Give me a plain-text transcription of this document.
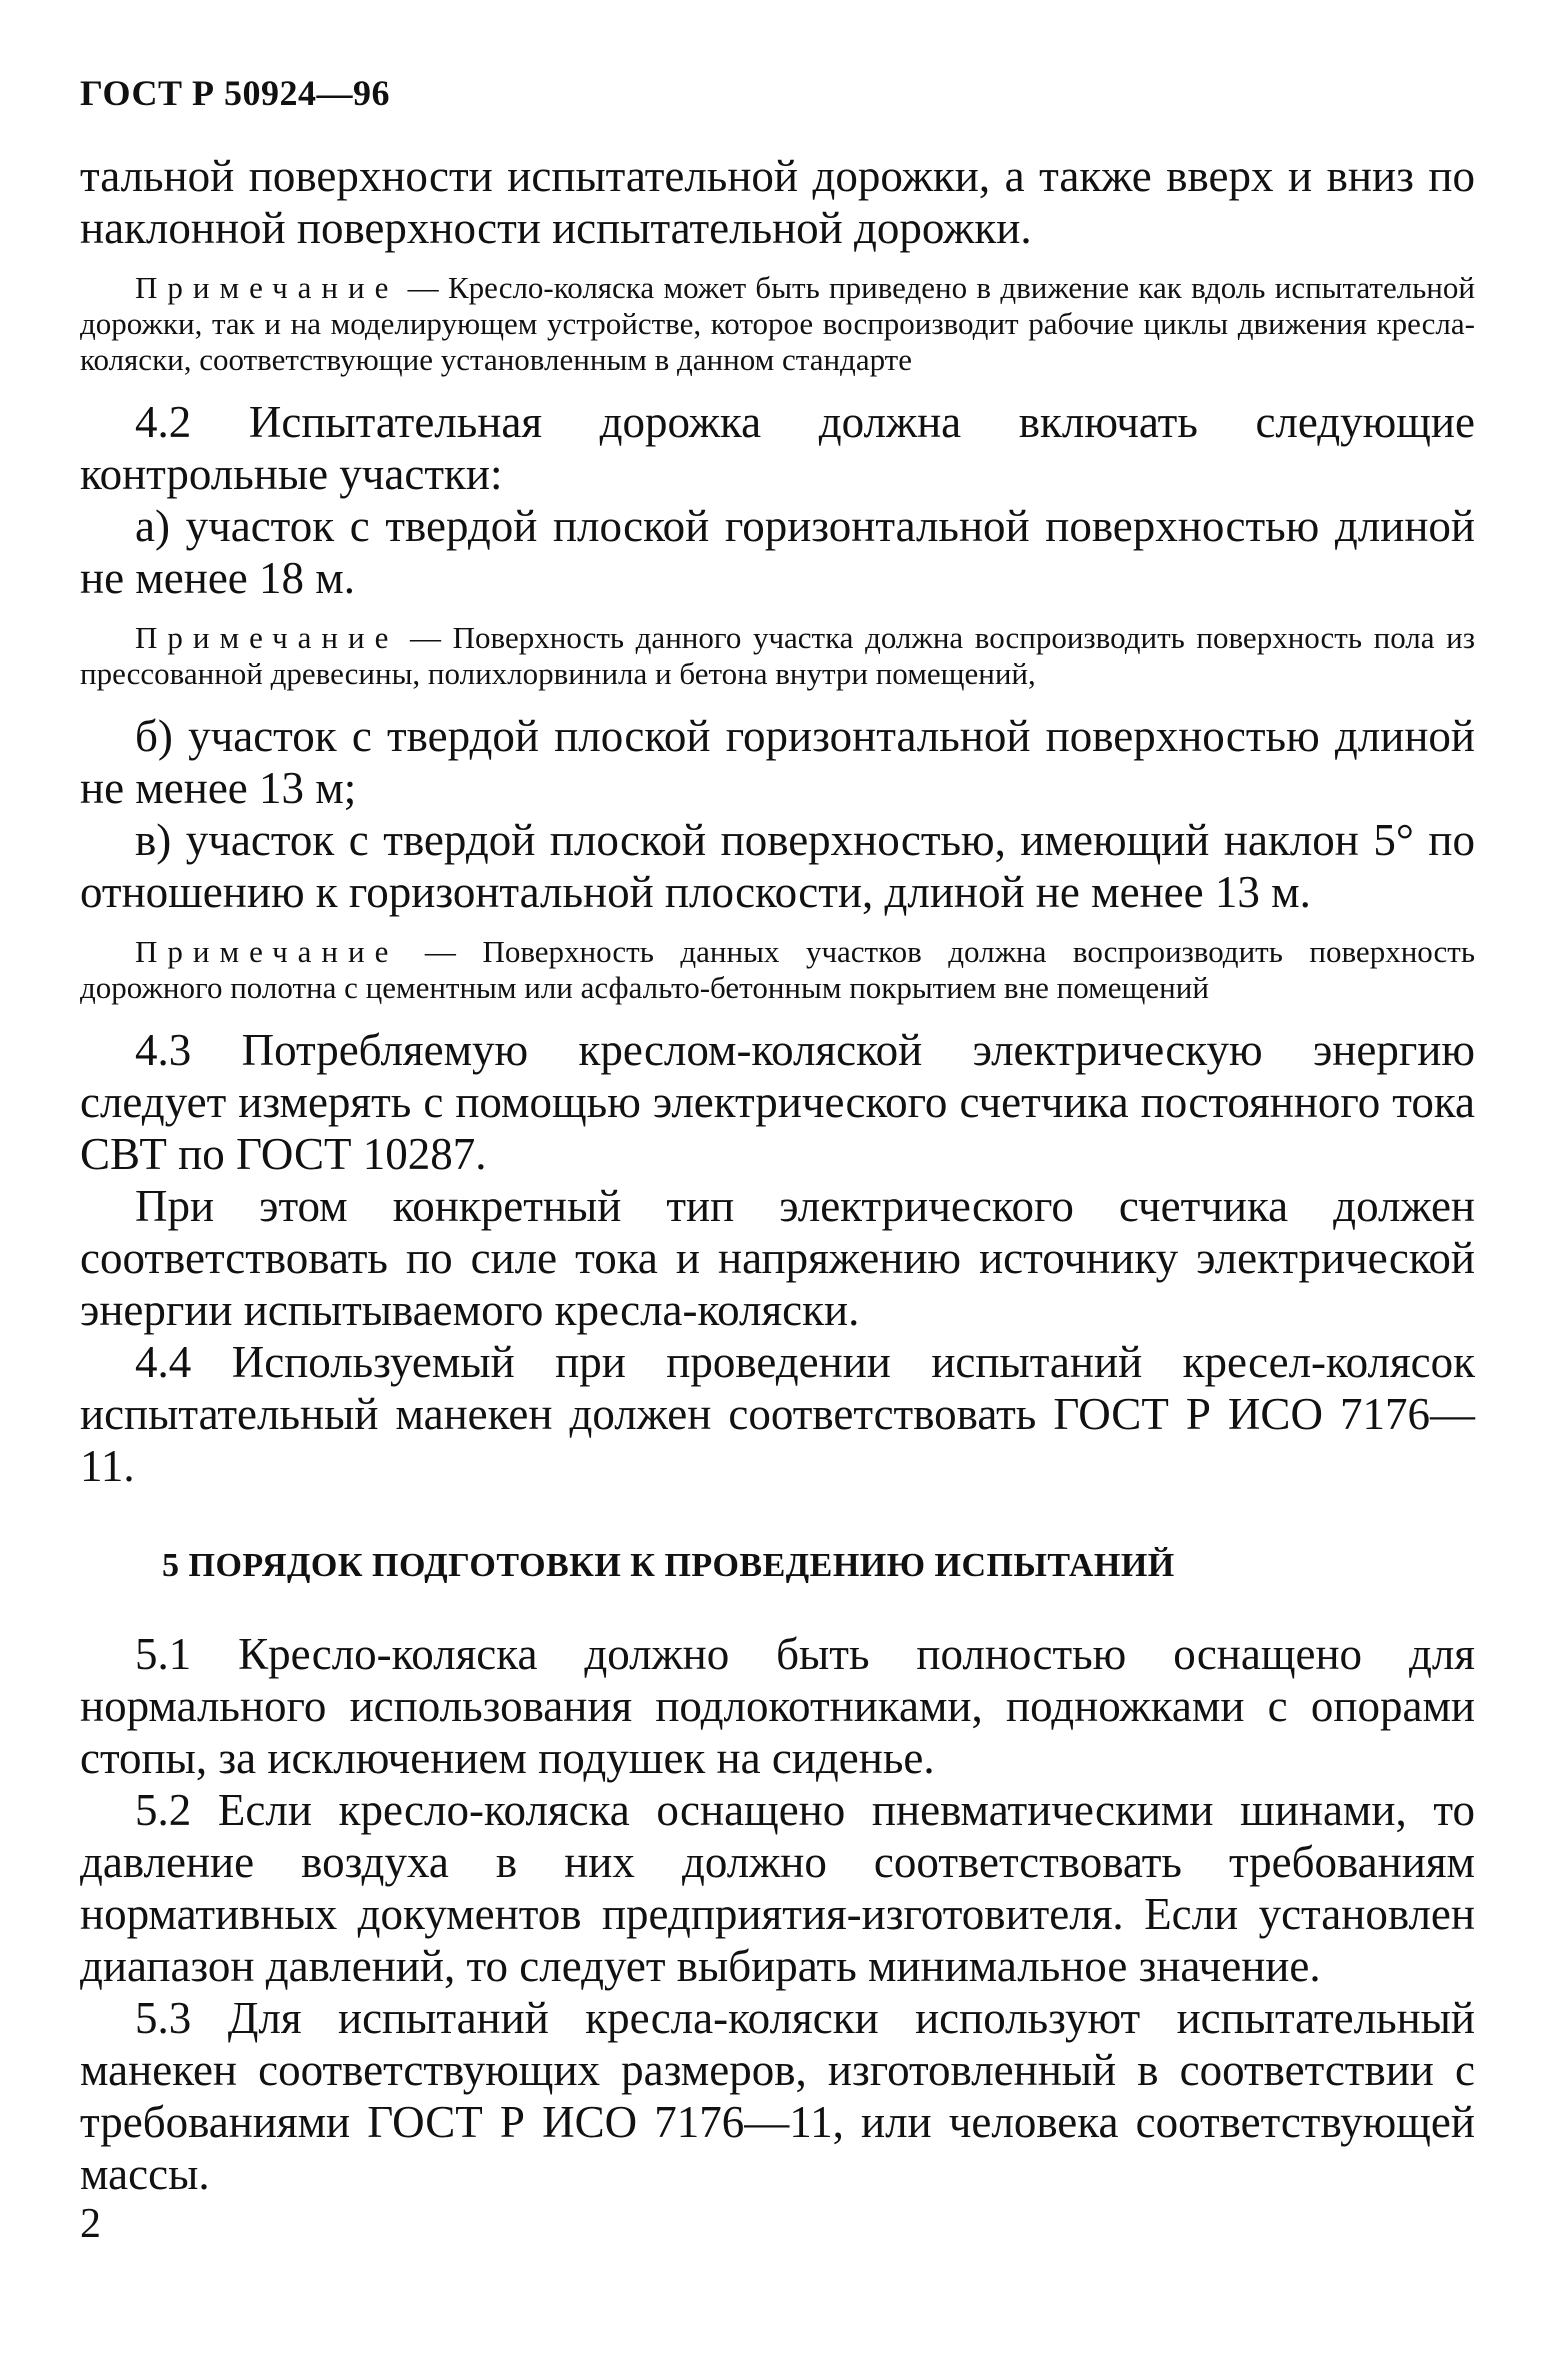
ГОСТ Р 50924—96

тальной поверхности испытательной дорожки, а также вверх и вниз по наклонной поверхности испытательной дорожки.

Примечание — Кресло-коляска может быть приведено в движение как вдоль испытательной дорожки, так и на моделирующем устройстве, которое воспроизводит рабочие циклы движения кресла-коляски, соответствующие установленным в данном стандарте

4.2 Испытательная дорожка должна включать следующие контрольные участки:

а) участок с твердой плоской горизонтальной поверхностью длиной не менее 18 м.

Примечание — Поверхность данного участка должна воспроизводить поверхность пола из прессованной древесины, полихлорвинила и бетона внутри помещений,

б) участок с твердой плоской горизонтальной поверхностью длиной не менее 13 м;

в) участок с твердой плоской поверхностью, имеющий наклон 5° по отношению к горизонтальной плоскости, длиной не менее 13 м.

Примечание — Поверхность данных участков должна воспроизводить поверхность дорожного полотна с цементным или асфальто-бетонным покрытием вне помещений

4.3 Потребляемую креслом-коляской электрическую энергию следует измерять с помощью электрического счетчика постоянного тока СВТ по ГОСТ 10287.

При этом конкретный тип электрического счетчика должен соответствовать по силе тока и напряжению источнику электрической энергии испытываемого кресла-коляски.

4.4 Используемый при проведении испытаний кресел-колясок испытательный манекен должен соответствовать ГОСТ Р ИСО 7176—11.

5 ПОРЯДОК ПОДГОТОВКИ К ПРОВЕДЕНИЮ ИСПЫТАНИЙ

5.1 Кресло-коляска должно быть полностью оснащено для нормального использования подлокотниками, подножками с опорами стопы, за исключением подушек на сиденье.

5.2 Если кресло-коляска оснащено пневматическими шинами, то давление воздуха в них должно соответствовать требованиям нормативных документов предприятия-изготовителя. Если установлен диапазон давлений, то следует выбирать минимальное значение.

5.3 Для испытаний кресла-коляски используют испытательный манекен соответствующих размеров, изготовленный в соответствии с требованиями ГОСТ Р ИСО 7176—11, или человека соответствующей массы.

2
